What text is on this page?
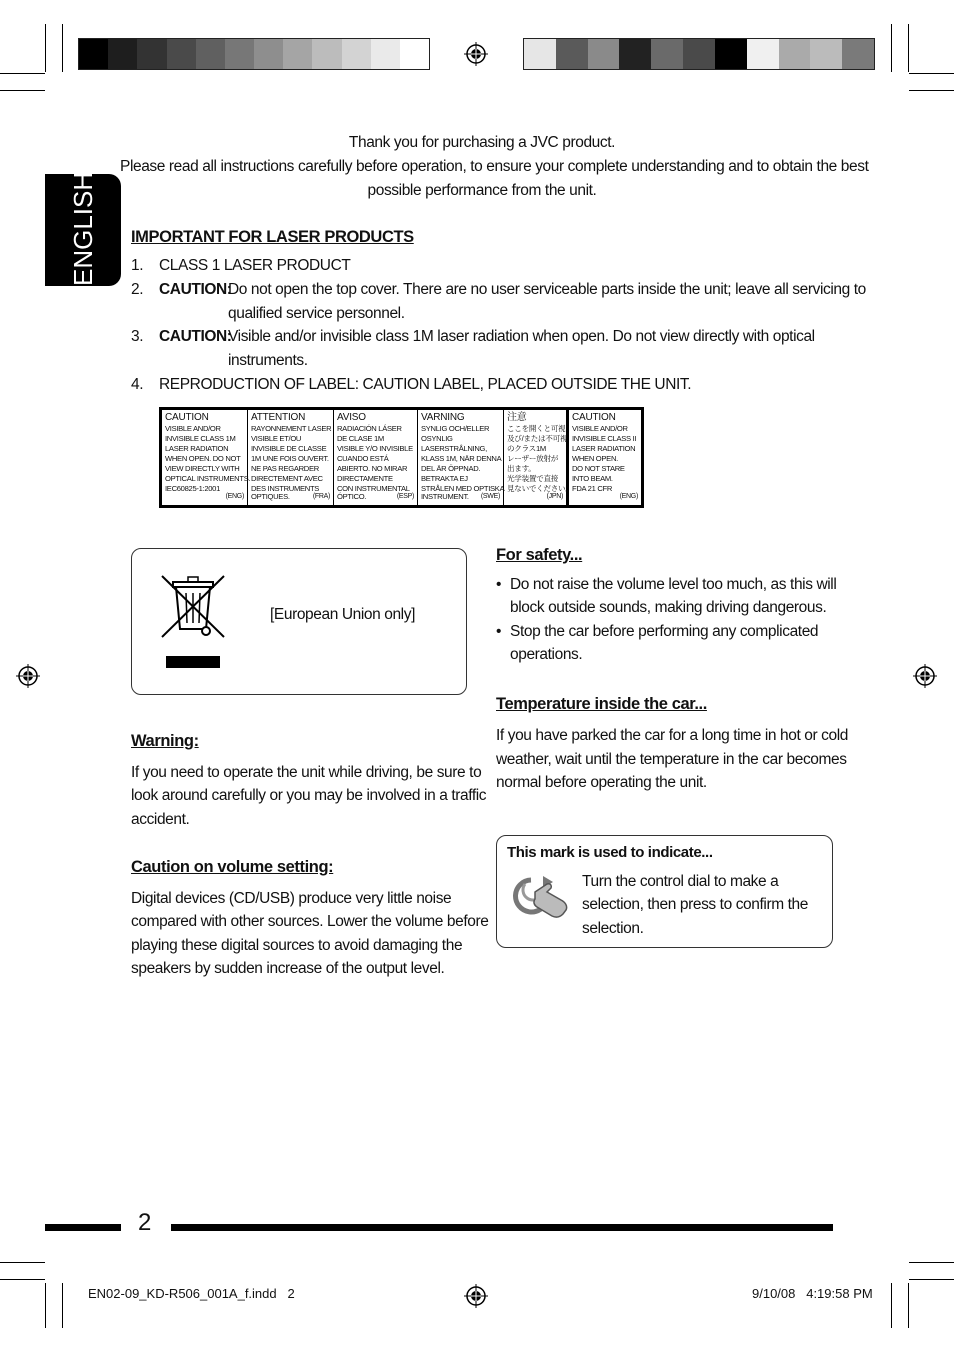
ENGLISH
Thank you for purchasing a JVC product.
Please read all instructions carefully before operation, to ensure your complete understanding and to obtain the best
possible performance from the unit.
IMPORTANT FOR LASER PRODUCTS
1. CLASS 1 LASER PRODUCT
2. CAUTION:
Do not open the top cover. There are no user serviceable parts inside the unit; leave all servicing to
qualified service personnel.
3. CAUTION:
Visible and/or invisible class 1M laser radiation when open. Do not view directly with optical
instruments.
4. REPRODUCTION OF LABEL: CAUTION LABEL, PLACED OUTSIDE THE UNIT.
CAUTION
VISIBLE AND/OR
INVISIBLE CLASS 1M
LASER RADIATION
WHEN OPEN. DO NOT
VIEW DIRECTLY WITH
OPTICAL INSTRUMENTS.
IEC60825-1:2001
(ENG)
ATTENTION
RAYONNEMENT LASER
VISIBLE ET/OU
INVISIBLE DE CLASSE
1M UNE FOIS OUVERT.
NE PAS REGARDER
DIRECTEMENT AVEC
DES INSTRUMENTS
OPTIQUES.	(FRA)
AVISO
RADIACIÓN LÁSER
DE CLASE 1M
VISIBLE Y/O INVISIBLE
CUANDO ESTÁ
ABIERTO. NO MIRAR
DIRECTAMENTE
CON INSTRUMENTAL
ÓPTICO.	(ESP)
VARNING
SYNLIG OCH/ELLER
OSYNLIG
LASERSTRÅLNING,
KLASS 1M, NÄR DENNA
DEL ÄR ÖPPNAD.
BETRAKTA EJ
STRÅLEN MED OPTISKA
INSTRUMENT. (SWE)
注意
ここを開くと可視
及び/または不可視
のクラス1M
レーザー放射が
出ます。
光学装置で直接
見ないでください。
(JPN)
CAUTION
VISIBLE AND/OR
INVISIBLE CLASS II
LASER RADIATION
WHEN OPEN.
DO NOT STARE
INTO BEAM.
FDA 21 CFR
(ENG)
[European Union only]
Warning:
If you need to operate the unit while driving, be sure to
look around carefully or you may be involved in a traffic
accident.
Caution on volume setting:
Digital devices (CD/USB) produce very little noise
compared with other sources. Lower the volume before
playing these digital sources to avoid damaging the
speakers by sudden increase of the output level.
For safety...
• Do not raise the volume level too much, as this will
block outside sounds, making driving dangerous.
• Stop the car before performing any complicated
operations.
Temperature inside the car...
If you have parked the car for a long time in hot or cold
weather, wait until the temperature in the car becomes
normal before operating the unit.
This mark is used to indicate...
Turn the control dial to make a
selection, then press to confirm the
selection.
2
EN02-09_KD-R506_001A_f.indd   2	9/10/08   4:19:58 PM
